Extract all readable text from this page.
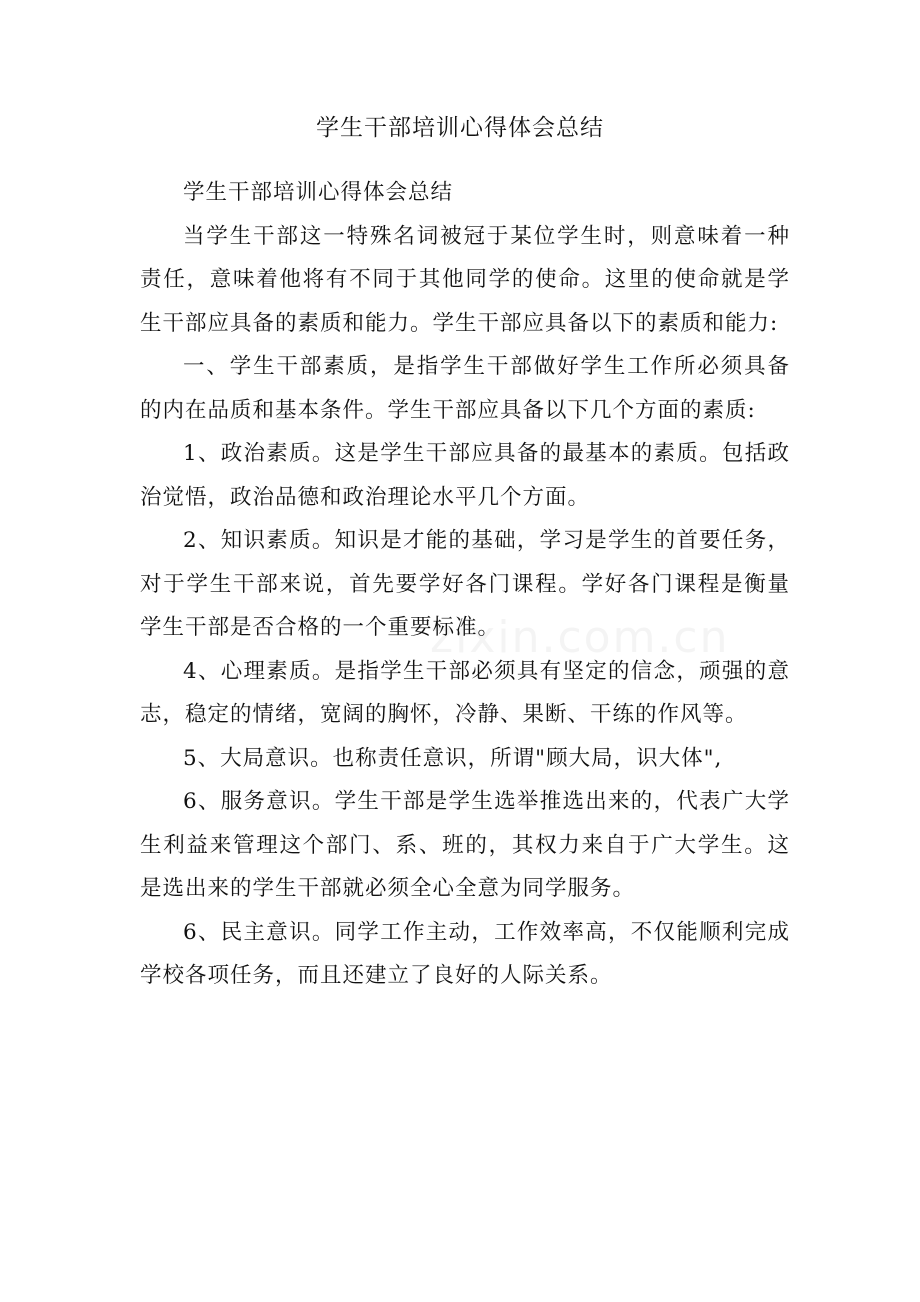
学生干部培训心得体会总结

学生干部培训心得体会总结

当学生干部这一特殊名词被冠于某位学生时，则意味着一种责任，意味着他将有不同于其他同学的使命。这里的使命就是学生干部应具备的素质和能力。学生干部应具备以下的素质和能力:

一、学生干部素质，是指学生干部做好学生工作所必须具备的内在品质和基本条件。学生干部应具备以下几个方面的素质:

1、政治素质。这是学生干部应具备的最基本的素质。包括政治觉悟，政治品德和政治理论水平几个方面。

2、知识素质。知识是才能的基础，学习是学生的首要任务，对于学生干部来说，首先要学好各门课程。学好各门课程是衡量学生干部是否合格的一个重要标准。

4、心理素质。是指学生干部必须具有坚定的信念，顽强的意志，稳定的情绪，宽阔的胸怀，冷静、果断、干练的作风等。

5、大局意识。也称责任意识，所谓"顾大局，识大体",

6、服务意识。学生干部是学生选举推选出来的，代表广大学生利益来管理这个部门、系、班的，其权力来自于广大学生。这是选出来的学生干部就必须全心全意为同学服务。

6、民主意识。同学工作主动，工作效率高，不仅能顺利完成学校各项任务，而且还建立了良好的人际关系。

zixin.com.cn
